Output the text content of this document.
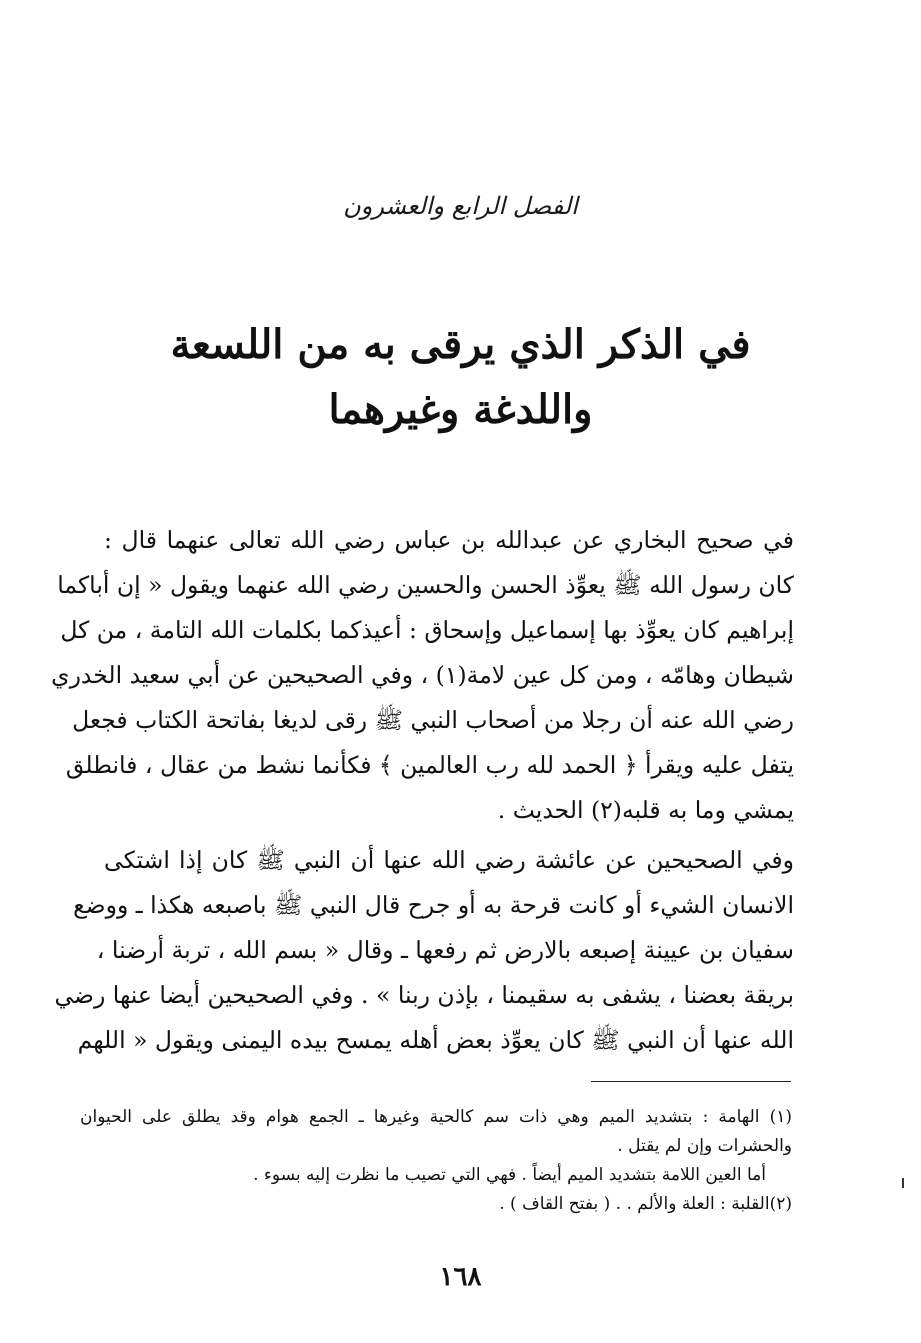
الفصل الرابع والعشرون
في الذكر الذي يرقى به من اللسعة
واللدغة وغيرهما
في صحيح البخاري عن عبدالله بن عباس رضي الله تعالى عنهما قال :
كان رسول الله ﷺ يعوِّذ الحسن والحسين رضي الله عنهما ويقول « إن أباكما
إبراهيم كان يعوِّذ بها إسماعيل وإسحاق : أعيذكما بكلمات الله التامة ، من كل
شيطان وهامّه ، ومن كل عين لامة(١) ، وفي الصحيحين عن أبي سعيد الخدري
رضي الله عنه أن رجلا من أصحاب النبي ﷺ رقى لديغا بفاتحة الكتاب فجعل
يتفل عليه ويقرأ ﴿ الحمد لله رب العالمين ﴾ فكأنما نشط من عقال ، فانطلق
يمشي وما به قلبه(٢) الحديث .
وفي الصحيحين عن عائشة رضي الله عنها أن النبي ﷺ كان إذا اشتكى
الانسان الشيء أو كانت قرحة به أو جرح قال النبي ﷺ باصبعه هكذا ـ ووضع
سفيان بن عيينة إصبعه بالارض ثم رفعها ـ وقال « بسم الله ، تربة أرضنا ،
بريقة بعضنا ، يشفى به سقيمنا ، بإذن ربنا » . وفي الصحيحين أيضا عنها رضي
الله عنها أن النبي ﷺ كان يعوِّذ بعض أهله يمسح بيده اليمنى ويقول « اللهم
(١) الهامة : بتشديد الميم وهي ذات سم كالحية وغيرها ـ الجمع هوام وقد يطلق على الحيوان
والحشرات وإن لم يقتل .
أما العين اللامة بتشديد الميم أيضاً . فهي التي تصيب ما نظرت إليه بسوء .
(٢)القلبة : العلة والألم . . ( بفتح القاف ) .
١٦٨
